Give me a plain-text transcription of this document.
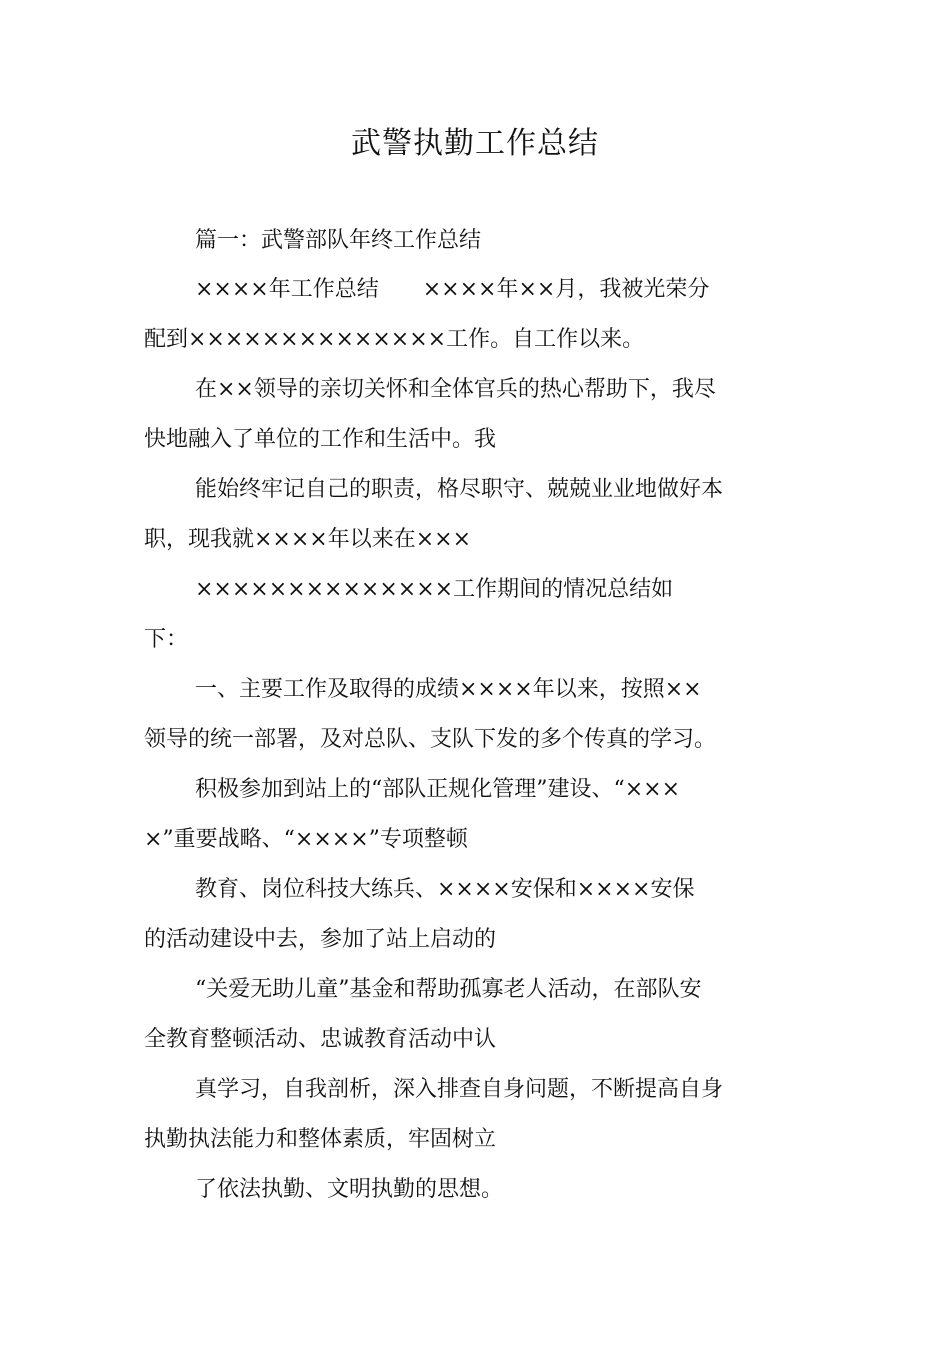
武警执勤工作总结

篇一：武警部队年终工作总结

××××年工作总结　　××××年××月，我被光荣分

配到××××××××××××××工作。自工作以来。

在××领导的亲切关怀和全体官兵的热心帮助下，我尽

快地融入了单位的工作和生活中。我

能始终牢记自己的职责，格尽职守、兢兢业业地做好本

职，现我就××××年以来在×××

××××××××××××××工作期间的情况总结如

下：

一、主要工作及取得的成绩××××年以来，按照××

领导的统一部署，及对总队、支队下发的多个传真的学习。

积极参加到站上的“部队正规化管理”建设、“×××

×”重要战略、“××××”专项整顿

教育、岗位科技大练兵、××××安保和××××安保

的活动建设中去，参加了站上启动的

“关爱无助儿童”基金和帮助孤寡老人活动，在部队安

全教育整顿活动、忠诚教育活动中认

真学习，自我剖析，深入排查自身问题，不断提高自身

执勤执法能力和整体素质，牢固树立

了依法执勤、文明执勤的思想。
